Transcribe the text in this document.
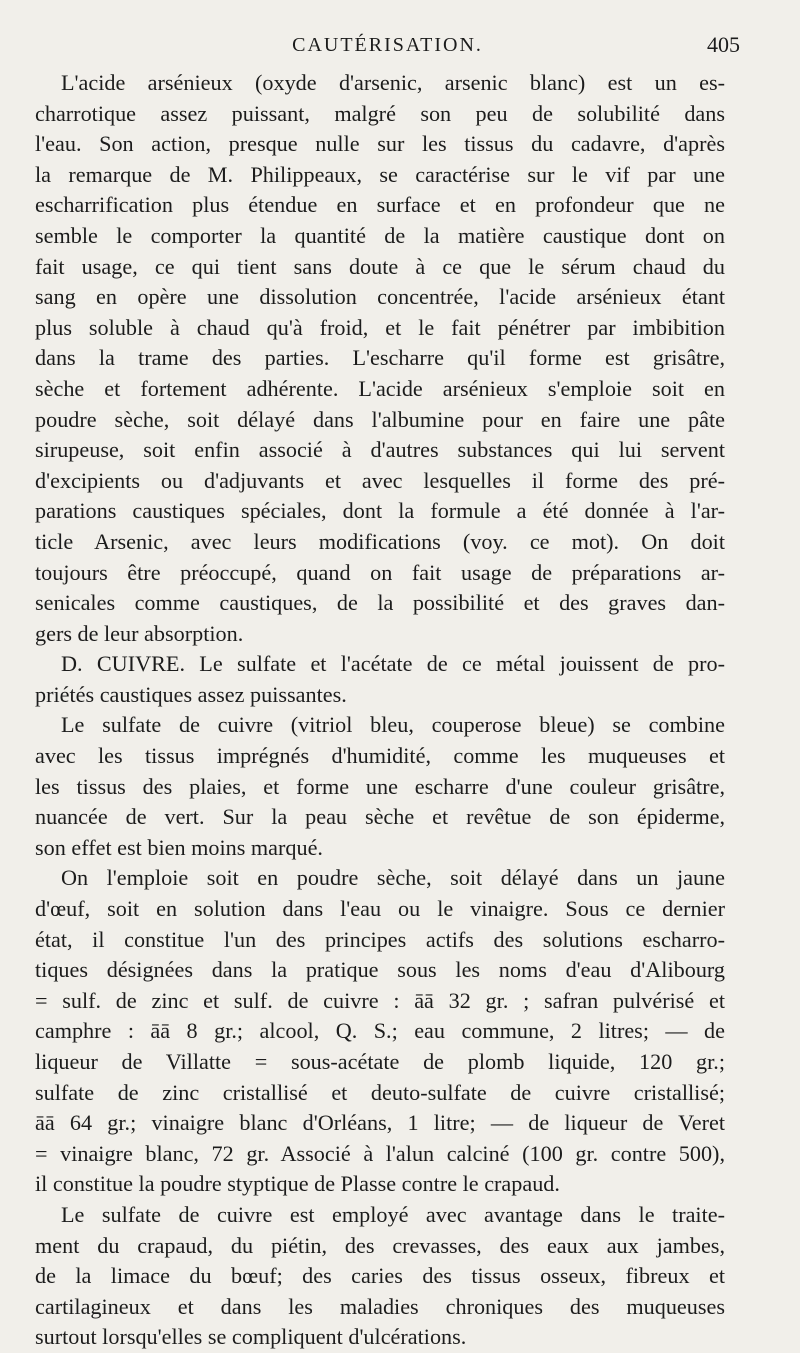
CAUTÉRISATION.	405
L'acide arsénieux (oxyde d'arsenic, arsenic blanc) est un es-
charrotique assez puissant, malgré son peu de solubilité dans
l'eau. Son action, presque nulle sur les tissus du cadavre, d'après
la remarque de M. Philippeaux, se caractérise sur le vif par une
escharrification plus étendue en surface et en profondeur que ne
semble le comporter la quantité de la matière caustique dont on
fait usage, ce qui tient sans doute à ce que le sérum chaud du
sang en opère une dissolution concentrée, l'acide arsénieux étant
plus soluble à chaud qu'à froid, et le fait pénétrer par imbibition
dans la trame des parties. L'escharre qu'il forme est grisâtre,
sèche et fortement adhérente. L'acide arsénieux s'emploie soit en
poudre sèche, soit délayé dans l'albumine pour en faire une pâte
sirupeuse, soit enfin associé à d'autres substances qui lui servent
d'excipients ou d'adjuvants et avec lesquelles il forme des pré-
parations caustiques spéciales, dont la formule a été donnée à l'ar-
ticle Arsenic, avec leurs modifications (voy. ce mot). On doit
toujours être préoccupé, quand on fait usage de préparations ar-
senicales comme caustiques, de la possibilité et des graves dan-
gers de leur absorption.
D. CUIVRE. Le sulfate et l'acétate de ce métal jouissent de pro-
priétés caustiques assez puissantes.
Le sulfate de cuivre (vitriol bleu, couperose bleue) se combine
avec les tissus imprégnés d'humidité, comme les muqueuses et
les tissus des plaies, et forme une escharre d'une couleur grisâtre,
nuancée de vert. Sur la peau sèche et revêtue de son épiderme,
son effet est bien moins marqué.
On l'emploie soit en poudre sèche, soit délayé dans un jaune
d'œuf, soit en solution dans l'eau ou le vinaigre. Sous ce dernier
état, il constitue l'un des principes actifs des solutions escharro-
tiques désignées dans la pratique sous les noms d'eau d'Alibourg
= sulf. de zinc et sulf. de cuivre : āā 32 gr. ; safran pulvérisé et
camphre : āā 8 gr.; alcool, Q. S.; eau commune, 2 litres; — de
liqueur de Villatte = sous-acétate de plomb liquide, 120 gr.;
sulfate de zinc cristallisé et deuto-sulfate de cuivre cristallisé;
āā 64 gr.; vinaigre blanc d'Orléans, 1 litre; — de liqueur de Veret
= vinaigre blanc, 72 gr. Associé à l'alun calciné (100 gr. contre 500),
il constitue la poudre styptique de Plasse contre le crapaud.
Le sulfate de cuivre est employé avec avantage dans le traite-
ment du crapaud, du piétin, des crevasses, des eaux aux jambes,
de la limace du bœuf; des caries des tissus osseux, fibreux et
cartilagineux et dans les maladies chroniques des muqueuses
surtout lorsqu'elles se compliquent d'ulcérations.
